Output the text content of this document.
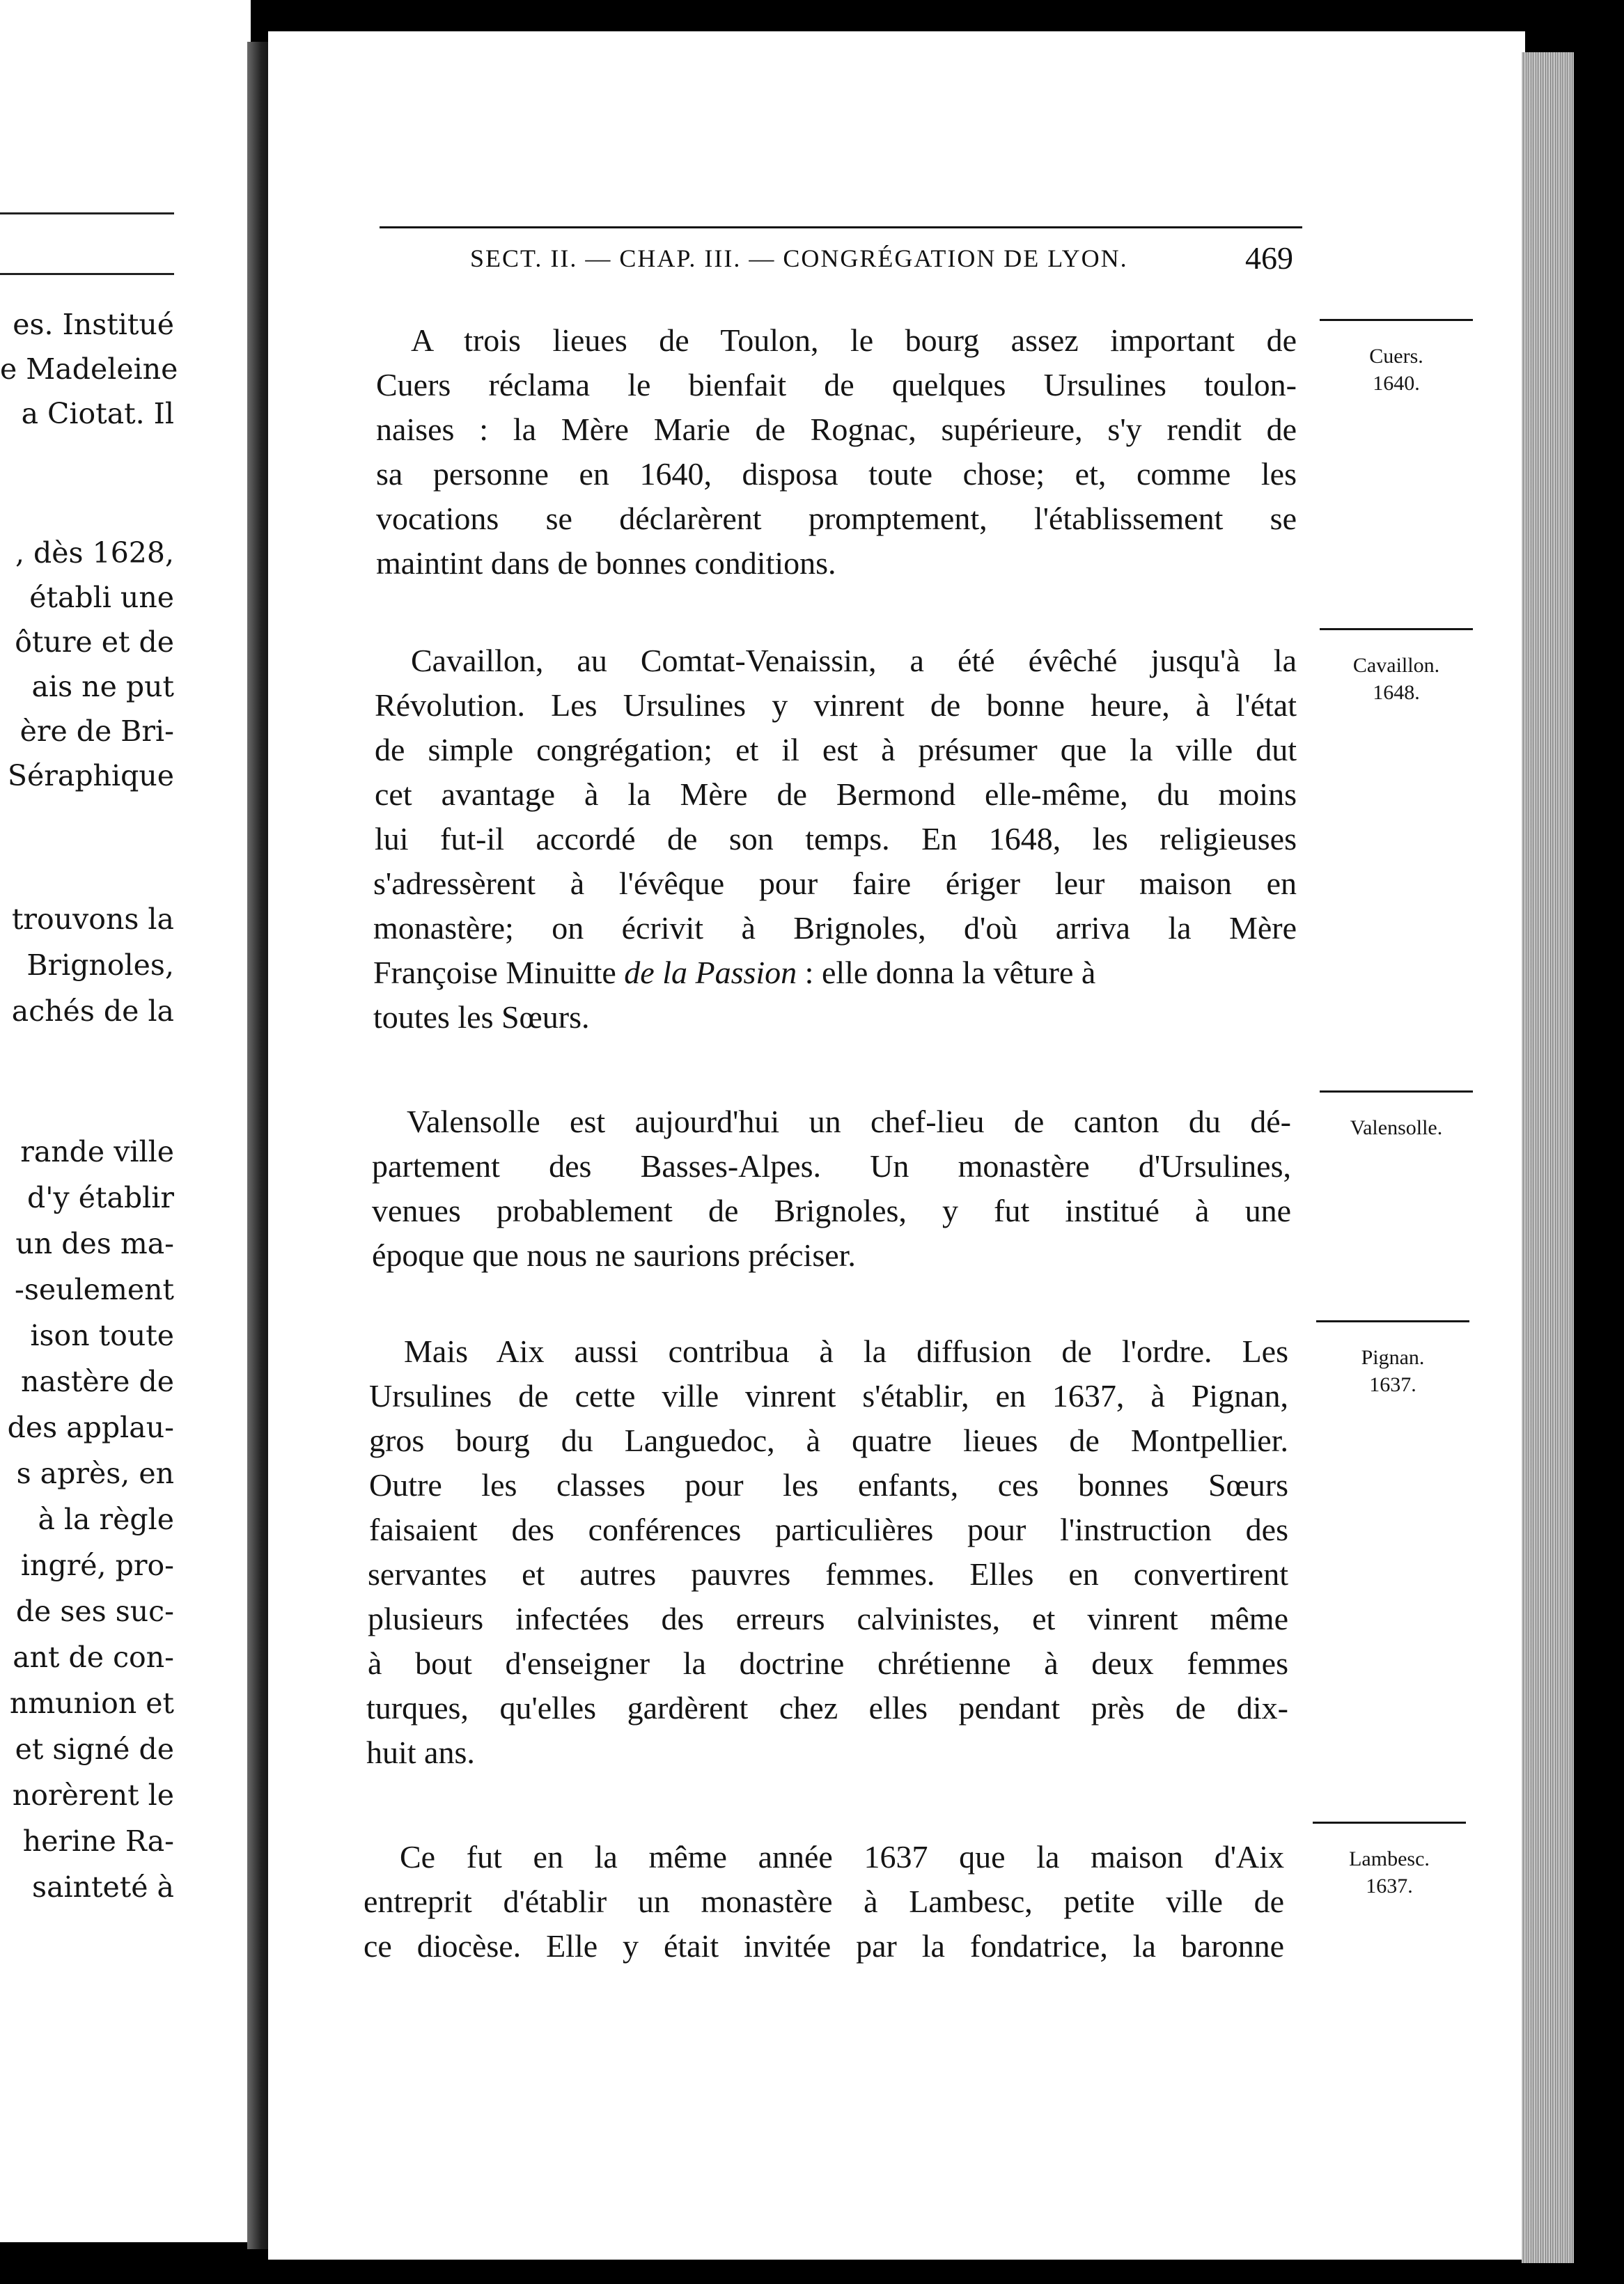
es. Institué
e Madeleine
a Ciotat. Il
, dès 1628,
établi une
ôture et de
ais ne put
ère de Bri-
Séraphique
trouvons la
Brignoles,
achés de la
rande ville
d'y établir
un des ma-
-seulement
ison toute
nastère de
des applau-
s après, en
à la règle
ingré, pro-
de ses suc-
ant de con-
nmunion et
et signé de
norèrent le
herine Ra-
sainteté à
SECT. II. — CHAP. III. — CONGRÉGATION DE LYON.	469
A trois lieues de Toulon, le bourg assez important de
Cuers réclama le bienfait de quelques Ursulines toulon-
naises : la Mère Marie de Rognac, supérieure, s'y rendit de
sa personne en 1640, disposa toute chose; et, comme les
vocations se déclarèrent promptement, l'établissement se
maintint dans de bonnes conditions.
Cavaillon, au Comtat-Venaissin, a été évêché jusqu'à la
Révolution. Les Ursulines y vinrent de bonne heure, à l'état
de simple congrégation; et il est à présumer que la ville dut
cet avantage à la Mère de Bermond elle-même, du moins
lui fut-il accordé de son temps. En 1648, les religieuses
s'adressèrent à l'évêque pour faire ériger leur maison en
monastère; on écrivit à Brignoles, d'où arriva la Mère
Françoise Minuitte de la Passion : elle donna la vêture à
toutes les Sœurs.
Valensolle est aujourd'hui un chef-lieu de canton du dé-
partement des Basses-Alpes. Un monastère d'Ursulines,
venues probablement de Brignoles, y fut institué à une
époque que nous ne saurions préciser.
Mais Aix aussi contribua à la diffusion de l'ordre. Les
Ursulines de cette ville vinrent s'établir, en 1637, à Pignan,
gros bourg du Languedoc, à quatre lieues de Montpellier.
Outre les classes pour les enfants, ces bonnes Sœurs
faisaient des conférences particulières pour l'instruction des
servantes et autres pauvres femmes. Elles en convertirent
plusieurs infectées des erreurs calvinistes, et vinrent même
à bout d'enseigner la doctrine chrétienne à deux femmes
turques, qu'elles gardèrent chez elles pendant près de dix-
huit ans.
Ce fut en la même année 1637 que la maison d'Aix
entreprit d'établir un monastère à Lambesc, petite ville de
ce diocèse. Elle y était invitée par la fondatrice, la baronne
Cuers.
1640.
Cavaillon.
1648.
Valensolle.
Pignan.
1637.
Lambesc.
1637.
